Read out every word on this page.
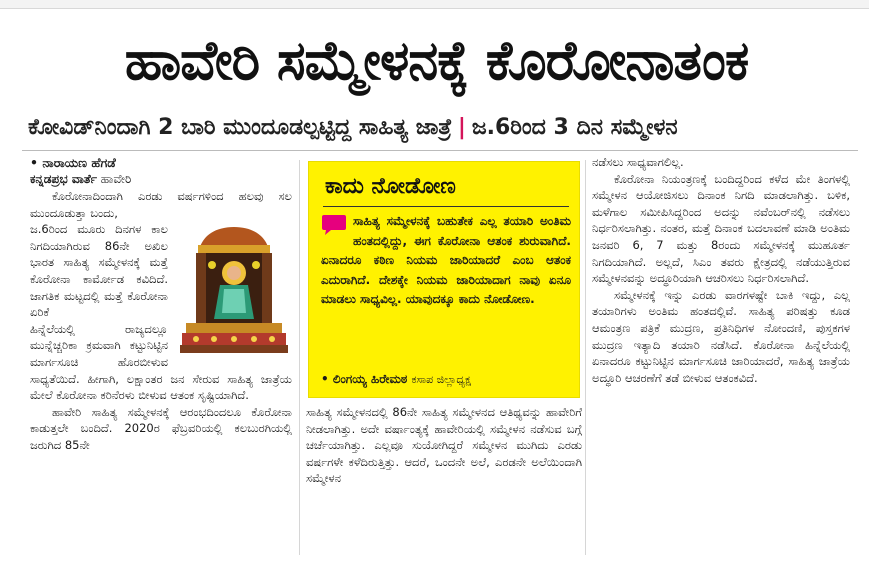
ಹಾವೇರಿ ಸಮ್ಮೇಳನಕ್ಕೆ ಕೊರೋನಾತಂಕ
ಕೋವಿಡ್‌ನಿಂದಾಗಿ 2 ಬಾರಿ ಮುಂದೂಡಲ್ಪಟ್ಟಿದ್ದ ಸಾಹಿತ್ಯ ಜಾತ್ರೆ | ಜ.6ರಿಂದ 3 ದಿನ ಸಮ್ಮೇಳನ
• ನಾರಾಯಣ ಹೆಗಡೆ
ಕನ್ನಡಪ್ರಭ ವಾರ್ತೆ ಹಾವೇರಿ

ಕೊರೋನಾದಿಂದಾಗಿ ಎರಡು ವರ್ಷಗಳಿಂದ ಹಲವು ಸಲ ಮುಂದೂಡುತ್ತಾ ಬಂದು,

ಜ.6ರಿಂದ ಮೂರು ದಿನಗಳ ಕಾಲ ನಿಗದಿಯಾಗಿರುವ 86ನೇ ಅಖಿಲ ಭಾರತ ಸಾಹಿತ್ಯ ಸಮ್ಮೇಳನಕ್ಕೆ ಮತ್ತೆ ಕೊರೋನಾ ಕಾರ್ಮೋಡ ಕವಿದಿದೆ. ಜಾಗತಿಕ ಮಟ್ಟದಲ್ಲಿ ಮತ್ತೆ ಕೊರೋನಾ ಏರಿಕೆ

ಹಿನ್ನೆಲೆಯಲ್ಲಿ ರಾಜ್ಯದಲ್ಲೂ ಮುನ್ನೆಚ್ಚರಿಕಾ ಕ್ರಮವಾಗಿ ಕಟ್ಟುನಿಟ್ಟಿನ ಮಾರ್ಗಸೂಚಿ ಹೊರಬೀಳುವ ಸಾಧ್ಯತೆಯಿದೆ. ಹೀಗಾಗಿ, ಲಕ್ಷಾಂತರ ಜನ ಸೇರುವ ಸಾಹಿತ್ಯ ಜಾತ್ರೆಯ ಮೇಲೆ ಕೊರೋನಾ ಕರಿನೆರಳು ಬೀಳುವ ಆತಂಕ ಸೃಷ್ಟಿಯಾಗಿದೆ.

ಹಾವೇರಿ ಸಾಹಿತ್ಯ ಸಮ್ಮೇಳನಕ್ಕೆ ಆರಂಭದಿಂದಲೂ ಕೊರೋನಾ ಕಾಡುತ್ತಲೇ ಬಂದಿದೆ. 2020ರ ಫೆಬ್ರವರಿಯಲ್ಲಿ ಕಲಬುರಗಿಯಲ್ಲಿ ಜರುಗಿದ 85ನೇ

ಕಾದು ನೋಡೋಣ
ಸಾಹಿತ್ಯ ಸಮ್ಮೇಳನಕ್ಕೆ ಬಹುತೇಕ ಎಲ್ಲ ತಯಾರಿ ಅಂತಿಮ ಹಂತದಲ್ಲಿದ್ದು, ಈಗ ಕೊರೋನಾ ಆತಂಕ ಶುರುವಾಗಿದೆ. ಏನಾದರೂ ಕಠಿಣ ನಿಯಮ ಜಾರಿಯಾದರೆ ಎಂಬ ಆತಂಕ ಎದುರಾಗಿದೆ. ದೇಶಕ್ಕೇ ನಿಯಮ ಜಾರಿಯಾದಾಗ ನಾವು ಏನೂ ಮಾಡಲು ಸಾಧ್ಯವಿಲ್ಲ. ಯಾವುದಕ್ಕೂ ಕಾದು ನೋಡೋಣ.
• ಲಿಂಗಯ್ಯ ಹಿರೇಮಠ ಕಸಾಪ ಜಿಲ್ಲಾಧ್ಯಕ್ಷ

ಸಾಹಿತ್ಯ ಸಮ್ಮೇಳನದಲ್ಲಿ 86ನೇ ಸಾಹಿತ್ಯ ಸಮ್ಮೇಳನದ ಆತಿಥ್ಯವನ್ನು ಹಾವೇರಿಗೆ ನೀಡಲಾಗಿತ್ತು. ಅದೇ ವರ್ಷಾಂತ್ಯಕ್ಕೆ ಹಾವೇರಿಯಲ್ಲಿ ಸಮ್ಮೇಳನ ನಡೆಸುವ ಬಗ್ಗೆ ಚರ್ಚೆಯಾಗಿತ್ತು. ಎಲ್ಲವೂ ಸುಯೋಗಿದ್ದರೆ ಸಮ್ಮೇಳನ ಮುಗಿದು ಎರಡು ವರ್ಷಗಳೇ ಕಳೆದಿರುತ್ತಿತ್ತು. ಆದರೆ, ಒಂದನೇ ಅಲೆ, ಎರಡನೇ ಅಲೆಯಿಂದಾಗಿ ಸಮ್ಮೇಳನ

ನಡೆಸಲು ಸಾಧ್ಯವಾಗಲಿಲ್ಲ.

ಕೊರೋನಾ ನಿಯಂತ್ರಣಕ್ಕೆ ಬಂದಿದ್ದರಿಂದ ಕಳೆದ ಮೇ ತಿಂಗಳಲ್ಲಿ ಸಮ್ಮೇಳನ ಆಯೋಜಿಸಲು ದಿನಾಂಕ ನಿಗದಿ ಮಾಡಲಾಗಿತ್ತು. ಬಳಿಕ, ಮಳೆಗಾಲ ಸಮೀಪಿಸಿದ್ದರಿಂದ ಅದನ್ನು ನವೆಂಬರ್‌ನಲ್ಲಿ ನಡೆಸಲು ನಿರ್ಧರಿಸಲಾಗಿತ್ತು. ನಂತರ, ಮತ್ತೆ ದಿನಾಂಕ ಬದಲಾವಣೆ ಮಾಡಿ ಅಂತಿಮ ಜನವರಿ 6, 7 ಮತ್ತು 8ರಂದು ಸಮ್ಮೇಳನಕ್ಕೆ ಮುಹೂರ್ತ ನಿಗದಿಯಾಗಿದೆ. ಅಲ್ಲದೆ, ಸಿಎಂ ತವರು ಕ್ಷೇತ್ರದಲ್ಲಿ ನಡೆಯುತ್ತಿರುವ ಸಮ್ಮೇಳನವನ್ನು ಅದ್ಧೂರಿಯಾಗಿ ಆಚರಿಸಲು ನಿರ್ಧರಿಸಲಾಗಿದೆ.

ಸಮ್ಮೇಳನಕ್ಕೆ ಇನ್ನು ಎರಡು ವಾರಗಳಷ್ಟೇ ಬಾಕಿ ಇದ್ದು, ಎಲ್ಲ ತಯಾರಿಗಳು ಅಂತಿಮ ಹಂತದಲ್ಲಿವೆ. ಸಾಹಿತ್ಯ ಪರಿಷತ್ತು ಕೂಡ ಆಮಂತ್ರಣ ಪತ್ರಿಕೆ ಮುದ್ರಣ, ಪ್ರತಿನಿಧಿಗಳ ನೋಂದಣಿ, ಪುಸ್ತಕಗಳ ಮುದ್ರಣ ಇತ್ಯಾದಿ ತಯಾರಿ ನಡೆಸಿದೆ. ಕೊರೋನಾ ಹಿನ್ನೆಲೆಯಲ್ಲಿ ಏನಾದರೂ ಕಟ್ಟುನಿಟ್ಟಿನ ಮಾರ್ಗಸೂಚಿ ಜಾರಿಯಾದರೆ, ಸಾಹಿತ್ಯ ಜಾತ್ರೆಯ ಅದ್ಧೂರಿ ಆಚರಣೆಗೆ ತಡೆ ಬೀಳುವ ಆತಂಕವಿದೆ.
